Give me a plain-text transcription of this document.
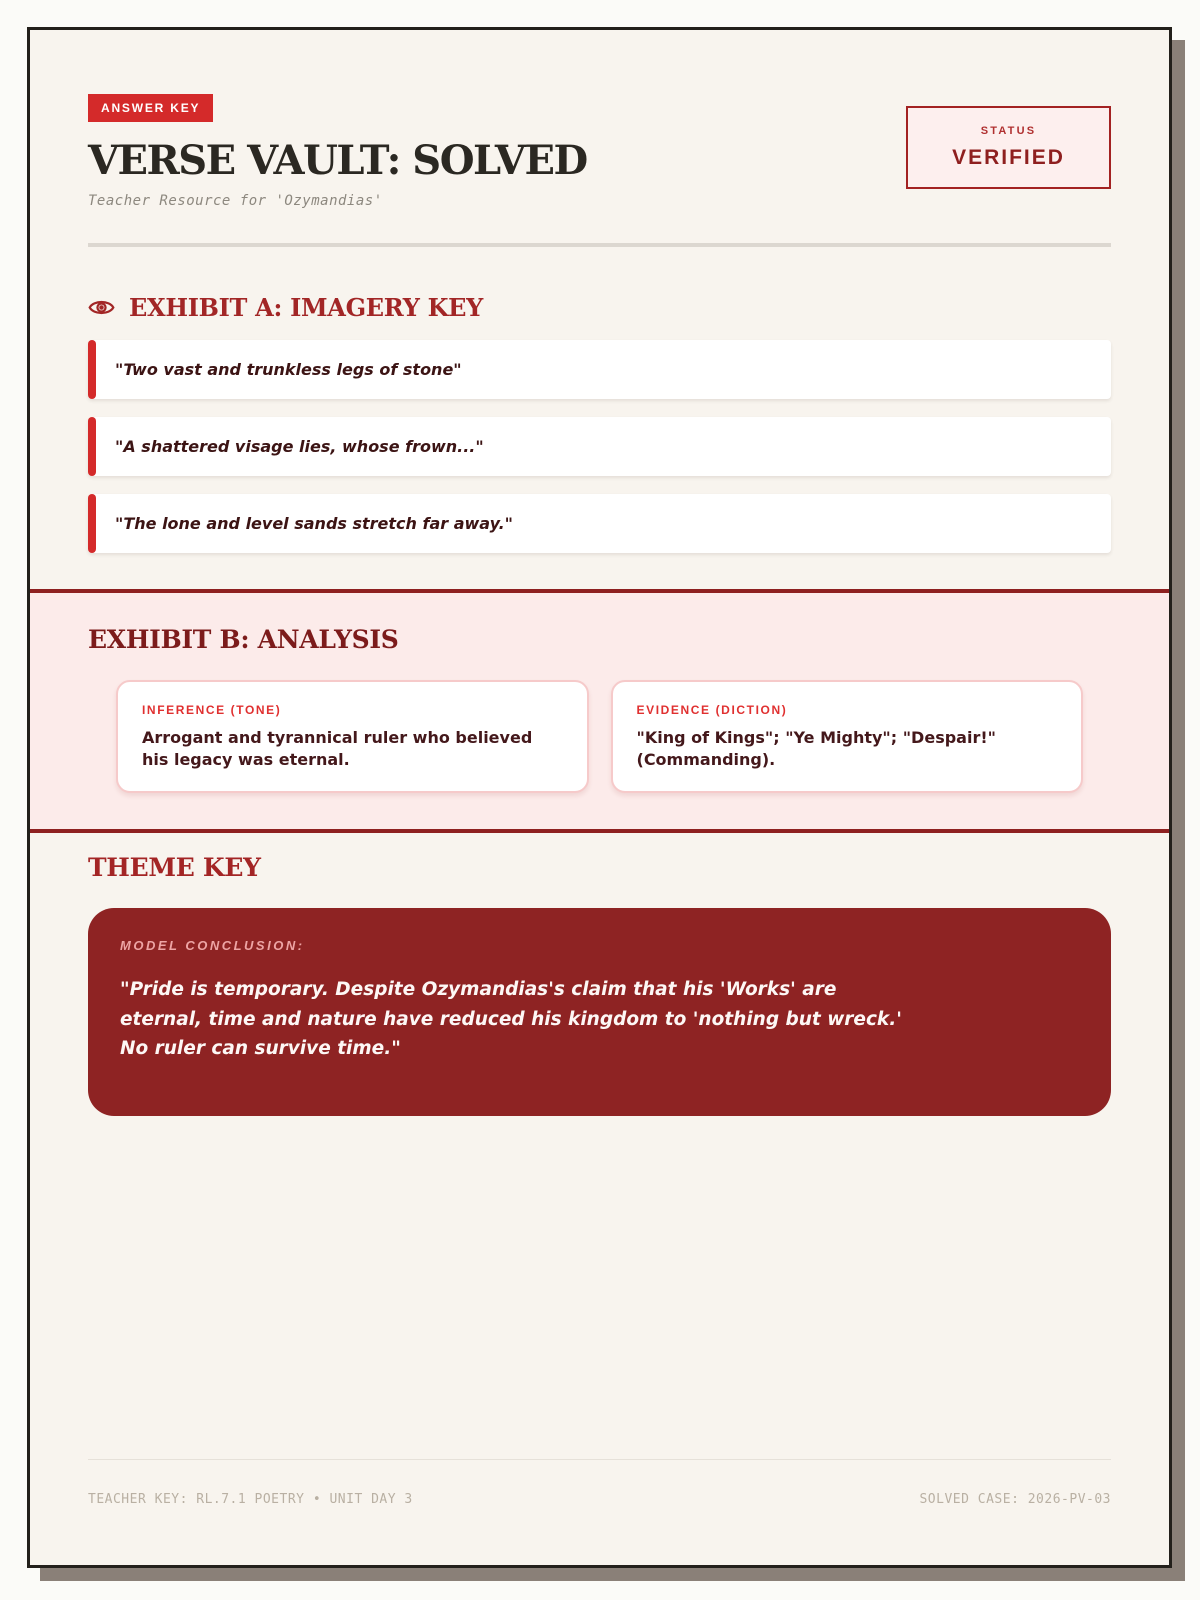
ANSWER KEY
VERSE VAULT: SOLVED

Teacher Resource for 'Ozymandias'

STATUS
VERIFIED
EXHIBIT A: IMAGERY KEY
"Two vast and trunkless legs of stone"
"A shattered visage lies, whose frown..."
"The lone and level sands stretch far away."
EXHIBIT B: ANALYSIS
INFERENCE (TONE)
Arrogant and tyrannical ruler who believed his legacy was eternal.
EVIDENCE (DICTION)
"King of Kings"; "Ye Mighty"; "Despair!" (Commanding).
THEME KEY
MODEL CONCLUSION:
"Pride is temporary. Despite Ozymandias's claim that his 'Works' are eternal, time and nature have reduced his kingdom to 'nothing but wreck.' No ruler can survive time."
TEACHER KEY: RL.7.1 POETRY • UNIT DAY 3	SOLVED CASE: 2026-PV-03
